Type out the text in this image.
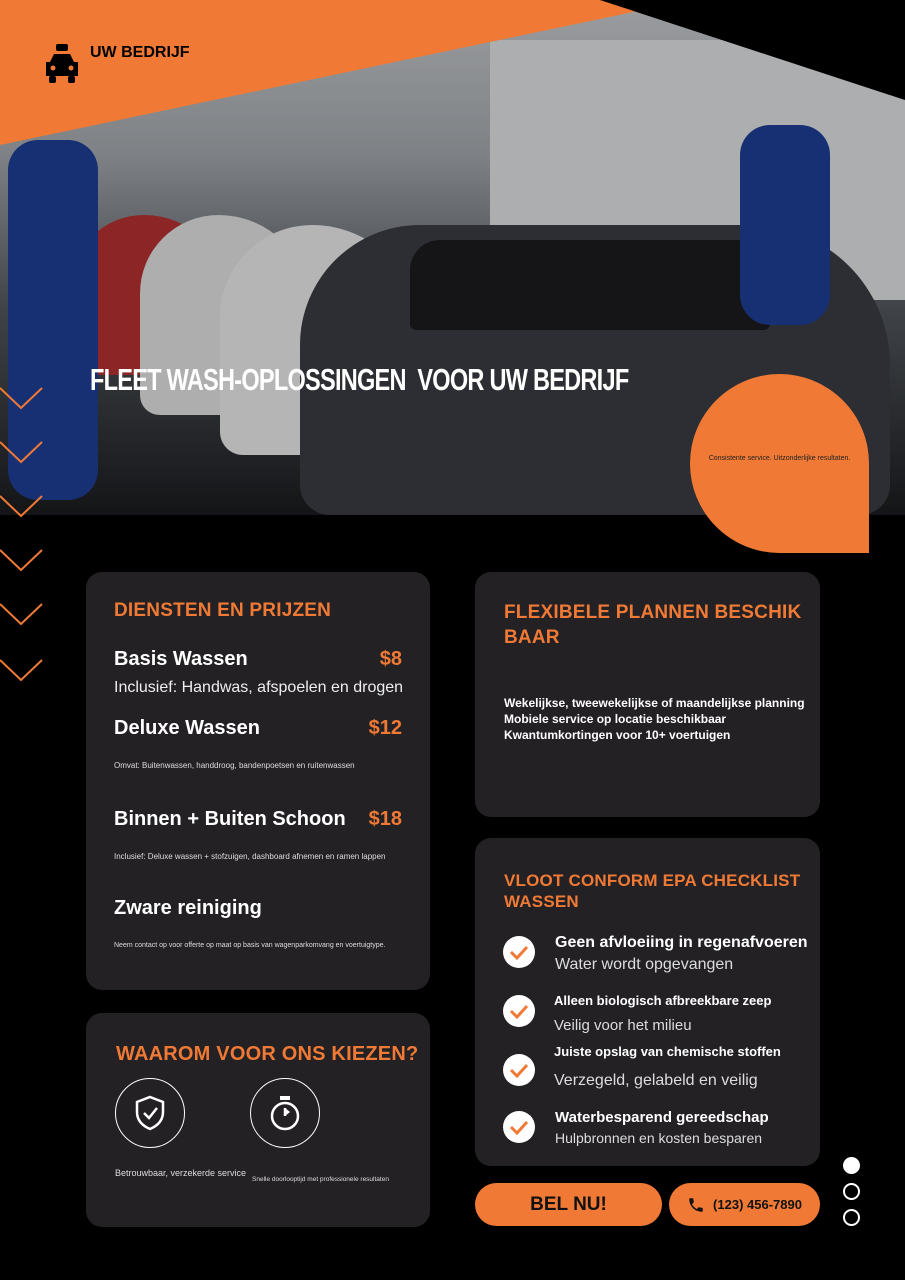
UW BEDRIJF
Consistente service. Uitzonderlijke resultaten.
FLEET WASH-OPLOSSINGEN  VOOR UW BEDRIJF
DIENSTEN EN PRIJZEN
Basis Wassen	$8
Inclusief: Handwas, afspoelen en drogen
Deluxe Wassen	$12
Omvat: Buitenwassen, handdroog, bandenpoetsen en ruitenwassen
Binnen + Buiten Schoon $18
Inclusief: Deluxe wassen + stofzuigen, dashboard afnemen en ramen lappen
Zware reiniging
Neem contact op voor offerte op maat op basis van wagenparkomvang en voertuigtype.
FLEXIBELE PLANNEN BESCHIKBAAR
Wekelijkse, tweewekelijkse of maandelijkse planning
Mobiele service op locatie beschikbaar
Kwantumkortingen voor 10+ voertuigen
VLOOT CONFORM EPA CHECKLIST WASSEN
Geen afvloeiing in regenafvoeren
Water wordt opgevangen
Alleen biologisch afbreekbare zeep
Veilig voor het milieu
Juiste opslag van chemische stoffen
Verzegeld, gelabeld en veilig
Waterbesparend gereedschap
Hulpbronnen en kosten besparen
WAAROM VOOR ONS KIEZEN?
Betrouwbaar, verzekerde service
Snelle doorlooptijd met professionele resultaten
BEL NU!	(123) 456-7890
